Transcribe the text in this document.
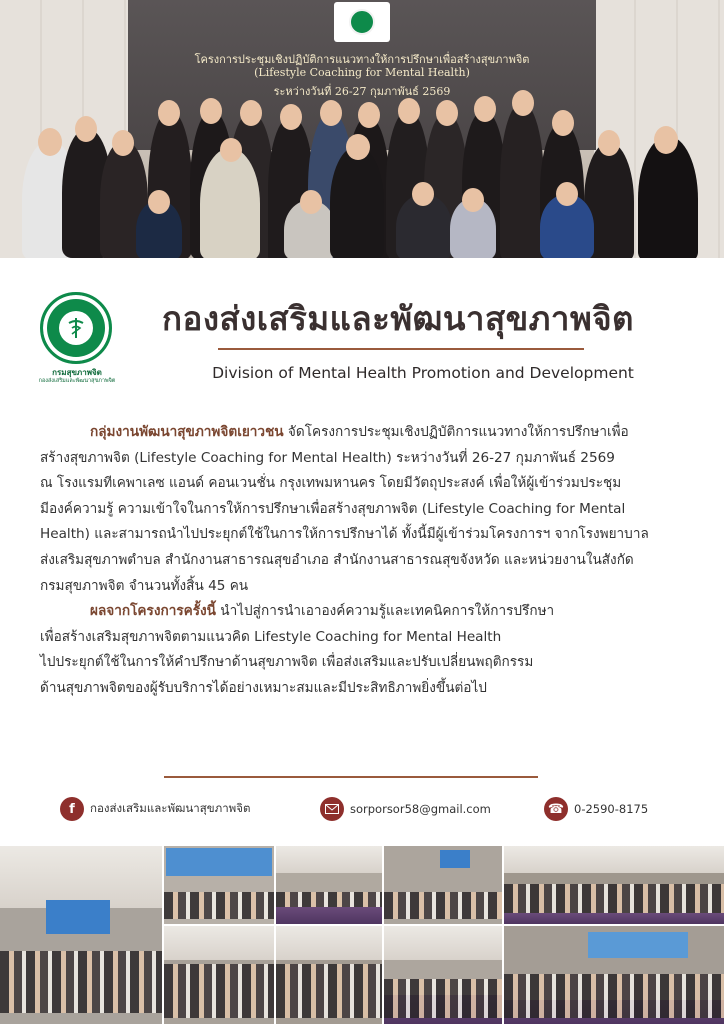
โครงการประชุมเชิงปฏิบัติการแนวทางให้การปรึกษาเพื่อสร้างสุขภาพจิต
(Lifestyle Coaching for Mental Health)
ระหว่างวันที่ 26-27 กุมภาพันธ์ 2569
กรมสุขภาพจิต
กองส่งเสริมและพัฒนาสุขภาพจิต
กองส่งเสริมและพัฒนาสุขภาพจิต
Division of Mental Health Promotion and Development

กลุ่มงานพัฒนาสุขภาพจิตเยาวชน จัดโครงการประชุมเชิงปฏิบัติการแนวทางให้การปรึกษาเพื่อ

สร้างสุขภาพจิต (Lifestyle Coaching for Mental Health) ระหว่างวันที่ 26-27 กุมภาพันธ์ 2569

ณ โรงแรมทีเคพาเลซ แอนด์ คอนเวนชั่น กรุงเทพมหานคร โดยมีวัตถุประสงค์ เพื่อให้ผู้เข้าร่วมประชุม

มีองค์ความรู้ ความเข้าใจในการให้การปรึกษาเพื่อสร้างสุขภาพจิต (Lifestyle Coaching for Mental

Health) และสามารถนำไปประยุกต์ใช้ในการให้การปรึกษาได้ ทั้งนี้มีผู้เข้าร่วมโครงการฯ จากโรงพยาบาล

ส่งเสริมสุขภาพตำบล สำนักงานสาธารณสุขอำเภอ สำนักงานสาธารณสุขจังหวัด และหน่วยงานในสังกัด

กรมสุขภาพจิต จำนวนทั้งสิ้น 45 คน

ผลจากโครงการครั้งนี้ นำไปสู่การนำเอาองค์ความรู้และเทคนิคการให้การปรึกษา

เพื่อสร้างเสริมสุขภาพจิตตามแนวคิด Lifestyle Coaching for Mental Health

ไปประยุกต์ใช้ในการให้คำปรึกษาด้านสุขภาพจิต เพื่อส่งเสริมและปรับเปลี่ยนพฤติกรรม

ด้านสุขภาพจิตของผู้รับบริการได้อย่างเหมาะสมและมีประสิทธิภาพยิ่งขึ้นต่อไป

f	กองส่งเสริมและพัฒนาสุขภาพจิต	sorporsor58@gmail.com	☎ 0-2590-8175
